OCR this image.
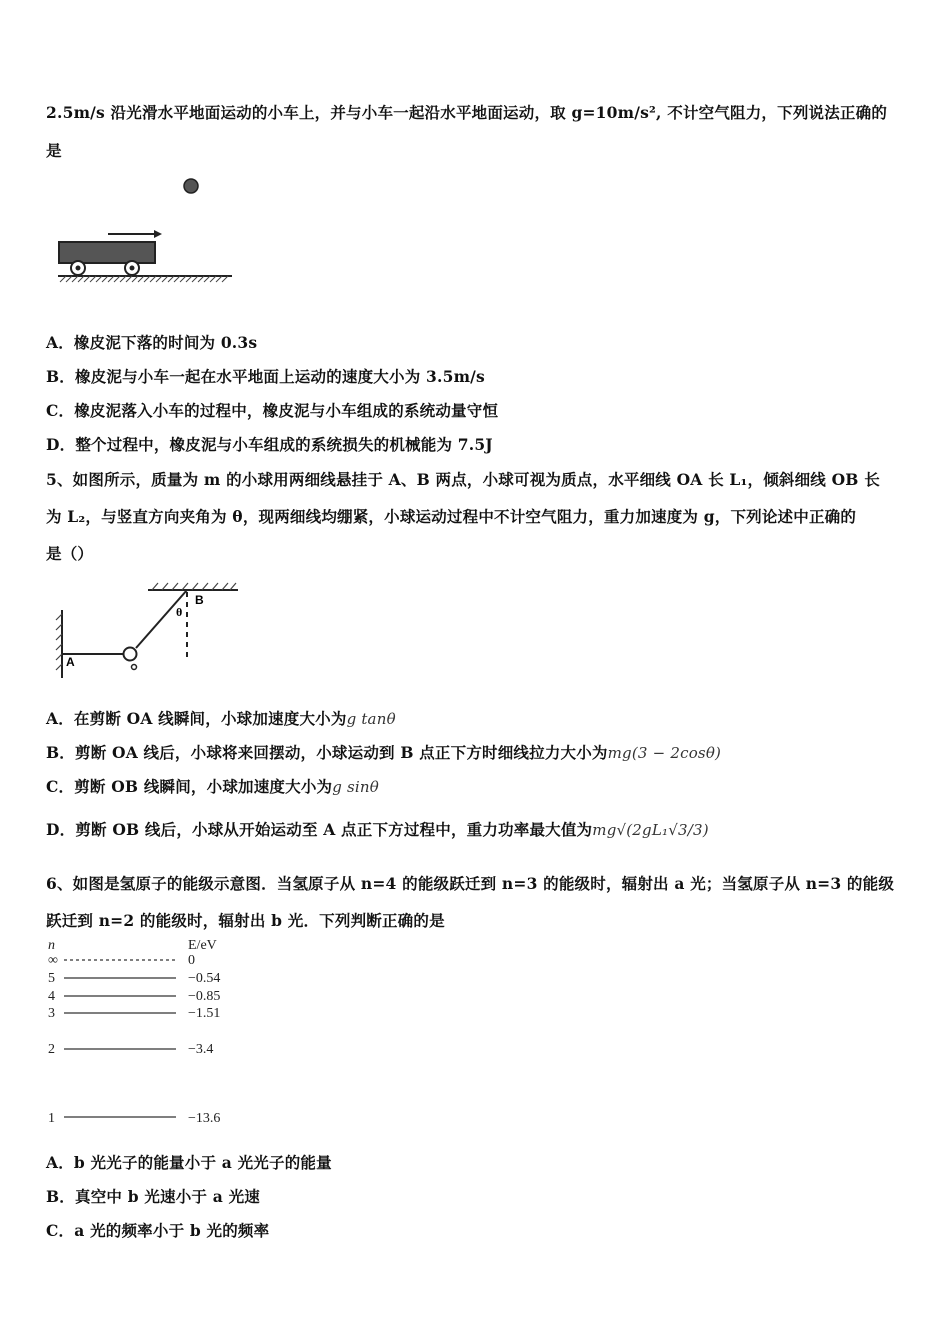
2.5m/s 沿光滑水平地面运动的小车上，并与小车一起沿水平地面运动，取 g=10m/s², 不计空气阻力，下列说法正确的
是
A．橡皮泥下落的时间为 0.3s
B．橡皮泥与小车一起在水平地面上运动的速度大小为 3.5m/s
C．橡皮泥落入小车的过程中，橡皮泥与小车组成的系统动量守恒
D．整个过程中，橡皮泥与小车组成的系统损失的机械能为 7.5J
5、如图所示，质量为 m 的小球用两细线悬挂于 A、B 两点，小球可视为质点，水平细线 OA 长 L₁，倾斜细线 OB 长
为 L₂，与竖直方向夹角为 θ，现两细线均绷紧，小球运动过程中不计空气阻力，重力加速度为 g，下列论述中正确的
是（）
A
B
θ
A．在剪断 OA 线瞬间，小球加速度大小为g tanθ
B．剪断 OA 线后，小球将来回摆动，小球运动到 B 点正下方时细线拉力大小为mg(3 − 2cosθ)
C．剪断 OB 线瞬间，小球加速度大小为g sinθ
D．剪断 OB 线后，小球从开始运动至 A 点正下方过程中，重力功率最大值为mg√(2gL₁√3/3)
6、如图是氢原子的能级示意图．当氢原子从 n=4 的能级跃迁到 n=3 的能级时，辐射出 a 光；当氢原子从 n=3 的能级
跃迁到 n=2 的能级时，辐射出 b 光．下列判断正确的是
n	E/eV
∞	0
5	−0.54
4	−0.85
3	−1.51
2	−3.4
1	−13.6
A．b 光光子的能量小于 a 光光子的能量
B．真空中 b 光速小于 a 光速
C．a 光的频率小于 b 光的频率
